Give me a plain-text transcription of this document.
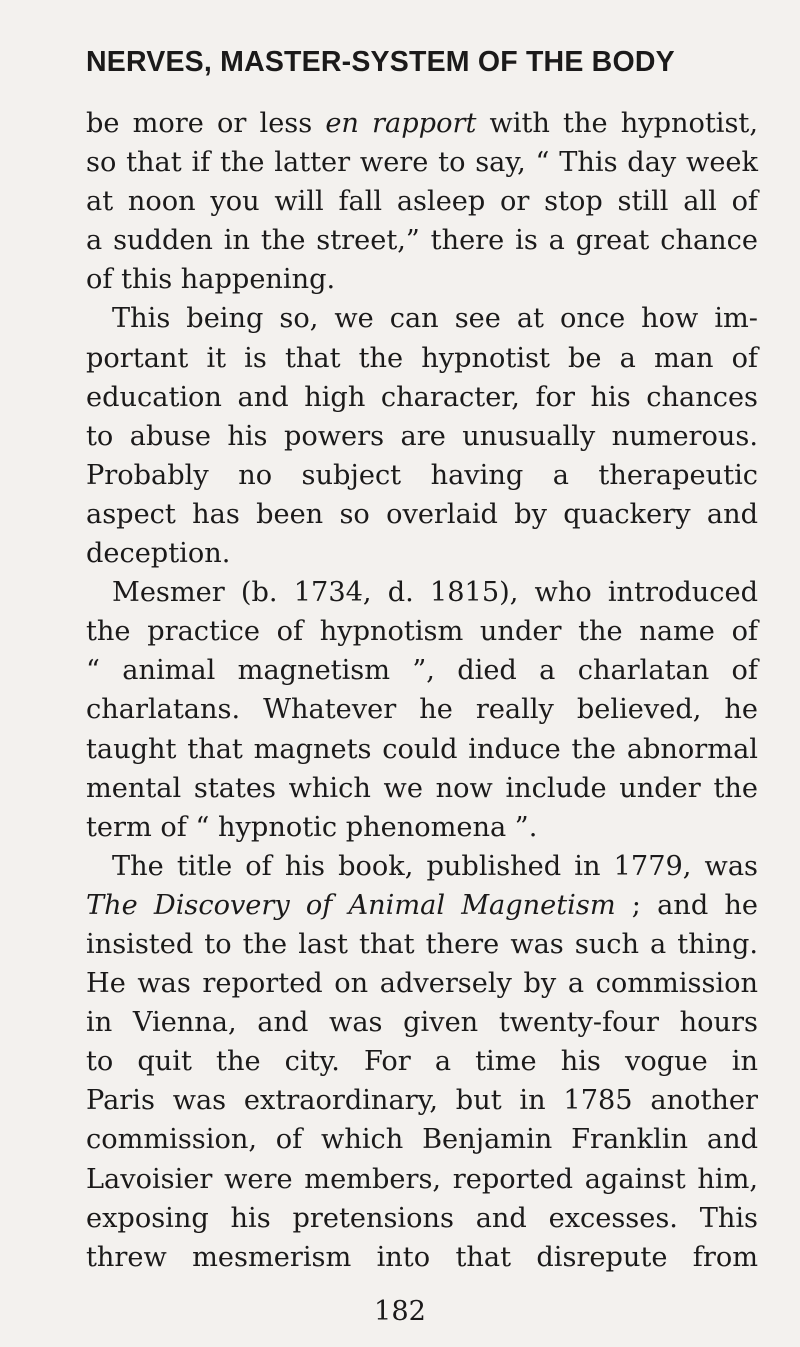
NERVES, MASTER-SYSTEM OF THE BODY
be more or less en rapport with the hypnotist,
so that if the latter were to say, “ This day week
at noon you will fall asleep or stop still all of
a sudden in the street,” there is a great chance
of this happening.
This being so, we can see at once how im-
portant it is that the hypnotist be a man of
education and high character, for his chances
to abuse his powers are unusually numerous.
Probably no subject having a therapeutic
aspect has been so overlaid by quackery and
deception.
Mesmer (b. 1734, d. 1815), who introduced
the practice of hypnotism under the name of
“ animal magnetism ”, died a charlatan of
charlatans. Whatever he really believed, he
taught that magnets could induce the abnormal
mental states which we now include under the
term of “ hypnotic phenomena ”.
The title of his book, published in 1779, was
The Discovery of Animal Magnetism ; and he
insisted to the last that there was such a thing.
He was reported on adversely by a commission
in Vienna, and was given twenty-four hours
to quit the city. For a time his vogue in
Paris was extraordinary, but in 1785 another
commission, of which Benjamin Franklin and
Lavoisier were members, reported against him,
exposing his pretensions and excesses. This
threw mesmerism into that disrepute from
182
